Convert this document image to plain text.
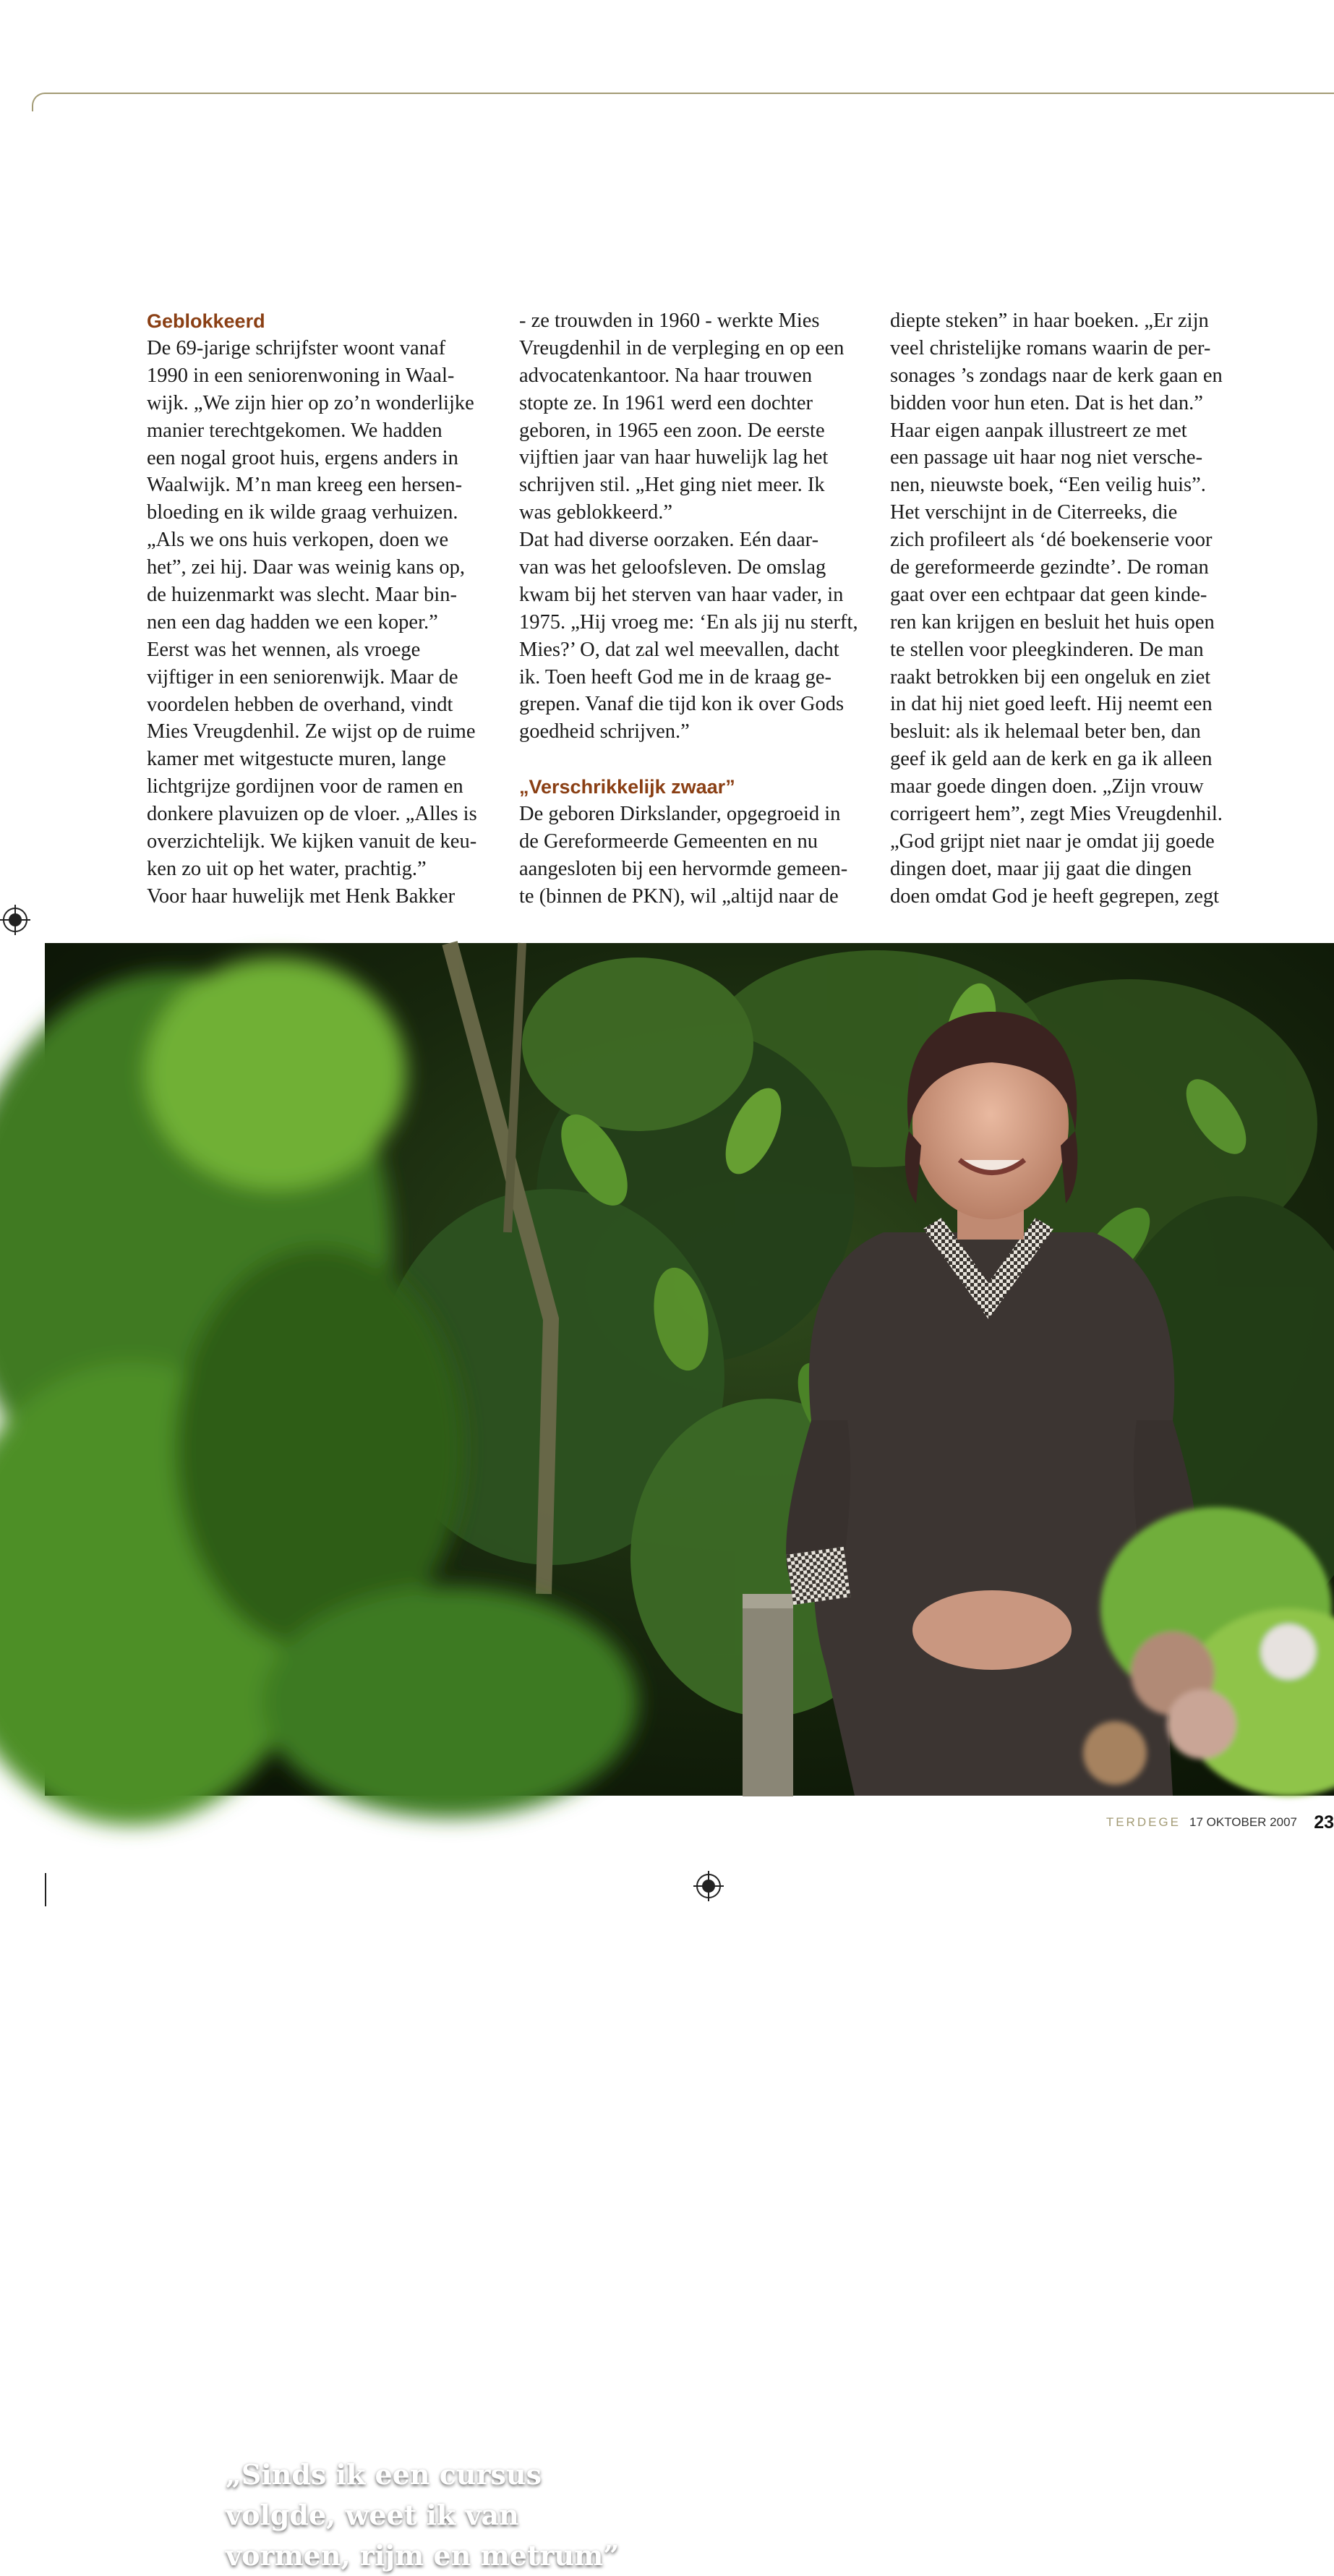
Geblokkeerd
De 69-jarige schrijfster woont vanaf
1990 in een seniorenwoning in Waal-
wijk. „We zijn hier op zo’n wonderlijke
manier terechtgekomen. We hadden
een nogal groot huis, ergens anders in
Waalwijk. M’n man kreeg een hersen-
bloeding en ik wilde graag verhuizen.
„Als we ons huis verkopen, doen we
het”, zei hij. Daar was weinig kans op,
de huizenmarkt was slecht. Maar bin-
nen een dag hadden we een koper.”
Eerst was het wennen, als vroege
vijftiger in een seniorenwijk. Maar de
voordelen hebben de overhand, vindt
Mies Vreugdenhil. Ze wijst op de ruime
kamer met witgestucte muren, lange
lichtgrijze gordijnen voor de ramen en
donkere plavuizen op de vloer. „Alles is
overzichtelijk. We kijken vanuit de keu-
ken zo uit op het water, prachtig.”
Voor haar huwelijk met Henk Bakker
- ze trouwden in 1960 - werkte Mies
Vreugdenhil in de verpleging en op een
advocatenkantoor. Na haar trouwen
stopte ze. In 1961 werd een dochter
geboren, in 1965 een zoon. De eerste
vijftien jaar van haar huwelijk lag het
schrijven stil. „Het ging niet meer. Ik
was geblokkeerd.”
Dat had diverse oorzaken. Eén daar-
van was het geloofsleven. De omslag
kwam bij het sterven van haar vader, in
1975. „Hij vroeg me: ‘En als jij nu sterft,
Mies?’ O, dat zal wel meevallen, dacht
ik. Toen heeft God me in de kraag ge-
grepen. Vanaf die tijd kon ik over Gods
goedheid schrijven.”
„Verschrikkelijk zwaar”
De geboren Dirkslander, opgegroeid in
de Gereformeerde Gemeenten en nu
aangesloten bij een hervormde gemeen-
te (binnen de PKN), wil „altijd naar de
diepte steken” in haar boeken. „Er zijn
veel christelijke romans waarin de per-
sonages ’s zondags naar de kerk gaan en
bidden voor hun eten. Dat is het dan.”
Haar eigen aanpak illustreert ze met
een passage uit haar nog niet versche-
nen, nieuwste boek, “Een veilig huis”.
Het verschijnt in de Citerreeks, die
zich profileert als ‘dé boekenserie voor
de gereformeerde gezindte’. De roman
gaat over een echtpaar dat geen kinde-
ren kan krijgen en besluit het huis open
te stellen voor pleegkinderen. De man
raakt betrokken bij een ongeluk en ziet
in dat hij niet goed leeft. Hij neemt een
besluit: als ik helemaal beter ben, dan
geef ik geld aan de kerk en ga ik alleen
maar goede dingen doen. „Zijn vrouw
corrigeert hem”, zegt Mies Vreugdenhil.
„God grijpt niet naar je omdat jij goede
dingen doet, maar jij gaat die dingen
doen omdat God je heeft gegrepen, zegt
„Sinds ik een cursus
volgde, weet ik van
vormen, rijm en metrum”
TERDEGE 17 OKTOBER 2007 23
